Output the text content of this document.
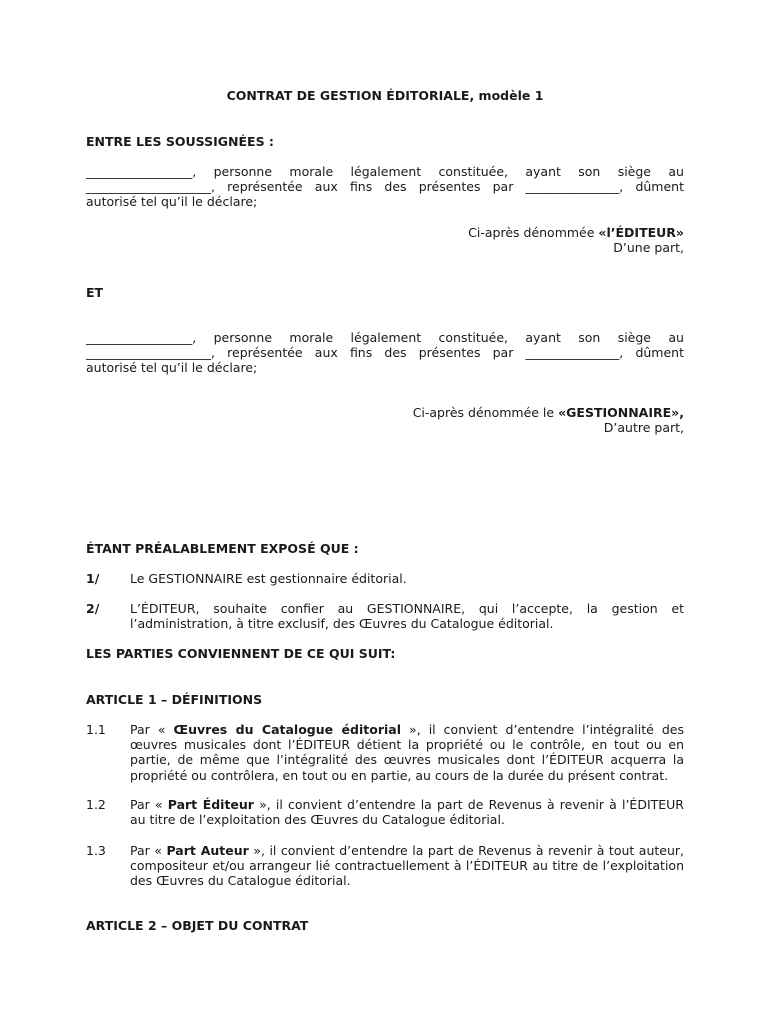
CONTRAT DE GESTION ÉDITORIALE, modèle 1
ENTRE LES SOUSSIGNÉES :
_________________, personne morale légalement constituée, ayant son siège au
____________________, représentée aux fins des présentes par _______________, dûment
autorisé tel qu’il le déclare;
Ci-après dénommée «l’ÉDITEUR»
D’une part,
ET
_________________, personne morale légalement constituée, ayant son siège au
____________________, représentée aux fins des présentes par _______________, dûment
autorisé tel qu’il le déclare;
Ci-après dénommée le «GESTIONNAIRE»,
D’autre part,
ÉTANT PRÉALABLEMENT EXPOSÉ QUE :
1/ Le GESTIONNAIRE est gestionnaire éditorial.
2/ L’ÉDITEUR, souhaite confier au GESTIONNAIRE, qui l’accepte, la gestion et l’administration, à titre exclusif, des Œuvres du Catalogue éditorial.
LES PARTIES CONVIENNENT DE CE QUI SUIT:
ARTICLE 1 – DÉFINITIONS
1.1 Par « Œuvres du Catalogue éditorial », il convient d’entendre l’intégralité des œuvres musicales dont l’ÉDITEUR détient la propriété ou le contrôle, en tout ou en partie, de même que l’intégralité des œuvres musicales dont l’ÉDITEUR acquerra la propriété ou contrôlera, en tout ou en partie, au cours de la durée du présent contrat.
1.2 Par « Part Éditeur », il convient d’entendre la part de Revenus à revenir à l’ÉDITEUR au titre de l’exploitation des Œuvres du Catalogue éditorial.
1.3 Par « Part Auteur », il convient d’entendre la part de Revenus à revenir à tout auteur, compositeur et/ou arrangeur lié contractuellement à l’ÉDITEUR au titre de l’exploitation des Œuvres du Catalogue éditorial.
ARTICLE 2 – OBJET DU CONTRAT
